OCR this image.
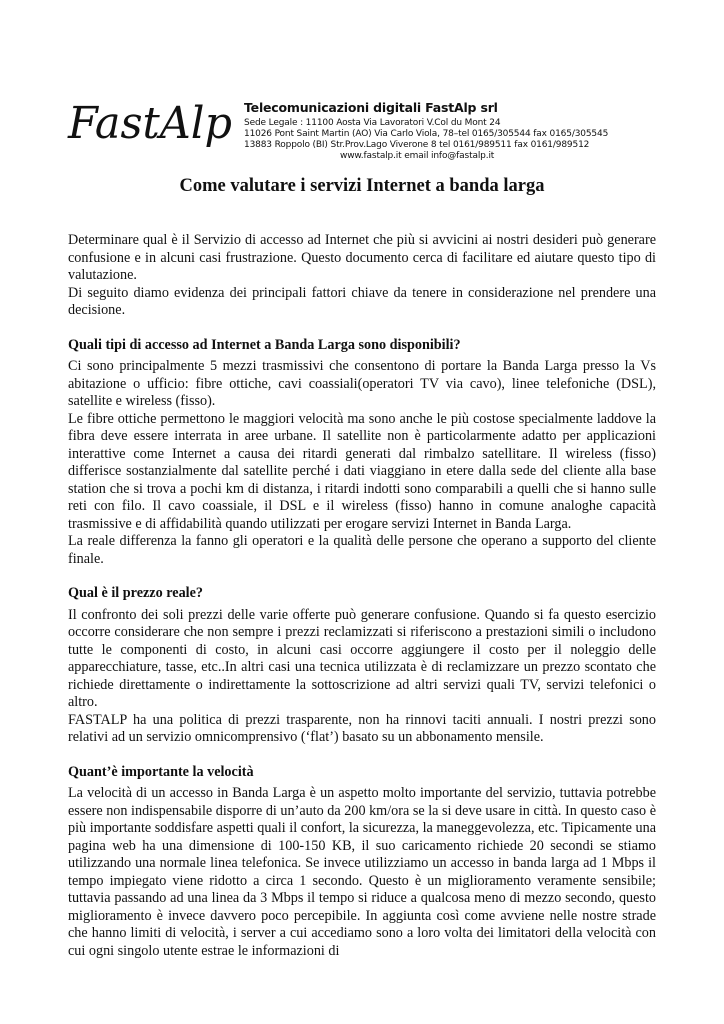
FastAlp Telecomunicazioni digitali FastAlp srl
Sede Legale : 11100 Aosta Via Lavoratori V.Col du Mont 24
11026 Pont Saint Martin (AO) Via Carlo Viola, 78–tel 0165/305544 fax 0165/305545
13883 Roppolo (BI) Str.Prov.Lago Viverone 8 tel 0161/989511 fax 0161/989512
www.fastalp.it email info@fastalp.it
Come valutare i servizi Internet a banda larga

Determinare qual è il Servizio di accesso ad Internet che più si avvicini ai nostri desideri può generare confusione e in alcuni casi frustrazione. Questo documento cerca di facilitare ed aiutare questo tipo di valutazione.

Di seguito diamo evidenza dei principali fattori chiave da tenere in considerazione nel prendere una decisione.

Quali tipi di accesso ad Internet a Banda Larga sono disponibili?

Ci sono principalmente 5 mezzi trasmissivi che consentono di portare la Banda Larga presso la Vs abitazione o ufficio: fibre ottiche, cavi coassiali(operatori TV via cavo), linee telefoniche (DSL), satellite e wireless (fisso).

Le fibre ottiche permettono le maggiori velocità ma sono anche le più costose specialmente laddove la fibra deve essere interrata in aree urbane. Il satellite non è particolarmente adatto per applicazioni interattive come Internet a causa dei ritardi generati dal rimbalzo satellitare. Il wireless (fisso) differisce sostanzialmente dal satellite perché i dati viaggiano in etere dalla sede del cliente alla base station che si trova a pochi km di distanza, i ritardi indotti sono comparabili a quelli che si hanno sulle reti con filo. Il cavo coassiale, il DSL e il wireless (fisso) hanno in comune analoghe capacità trasmissive e di affidabilità quando utilizzati per erogare servizi Internet in Banda Larga.

La reale differenza la fanno gli operatori e la qualità delle persone che operano a supporto del cliente finale.

Qual è il prezzo reale?

Il confronto dei soli prezzi delle varie offerte può generare confusione. Quando si fa questo esercizio occorre considerare che non sempre i prezzi reclamizzati si riferiscono a prestazioni simili o includono tutte le componenti di costo, in alcuni casi occorre aggiungere il costo per il noleggio delle apparecchiature, tasse, etc..In altri casi una tecnica utilizzata è di reclamizzare un prezzo scontato che richiede direttamente o indirettamente la sottoscrizione ad altri servizi quali TV, servizi telefonici o altro.

FASTALP ha una politica di prezzi trasparente, non ha rinnovi taciti annuali. I nostri prezzi sono relativi ad un servizio omnicomprensivo (‘flat’) basato su un abbonamento mensile.

Quant’è importante la velocità

La velocità di un accesso in Banda Larga è un aspetto molto importante del servizio, tuttavia potrebbe essere non indispensabile disporre di un’auto da 200 km/ora se la si deve usare in città. In questo caso è più importante soddisfare aspetti quali il confort, la sicurezza, la maneggevolezza, etc. Tipicamente una pagina web ha una dimensione di 100-150 KB, il suo caricamento richiede 20 secondi se stiamo utilizzando una normale linea telefonica. Se invece utilizziamo un accesso in banda larga ad 1 Mbps il tempo impiegato viene ridotto a circa 1 secondo. Questo è un miglioramento veramente sensibile; tuttavia passando ad una linea da 3 Mbps il tempo si riduce a qualcosa meno di mezzo secondo, questo miglioramento è invece davvero poco percepibile. In aggiunta così come avviene nelle nostre strade che hanno limiti di velocità, i server a cui accediamo sono a loro volta dei limitatori della velocità con cui ogni singolo utente estrae le informazioni di
